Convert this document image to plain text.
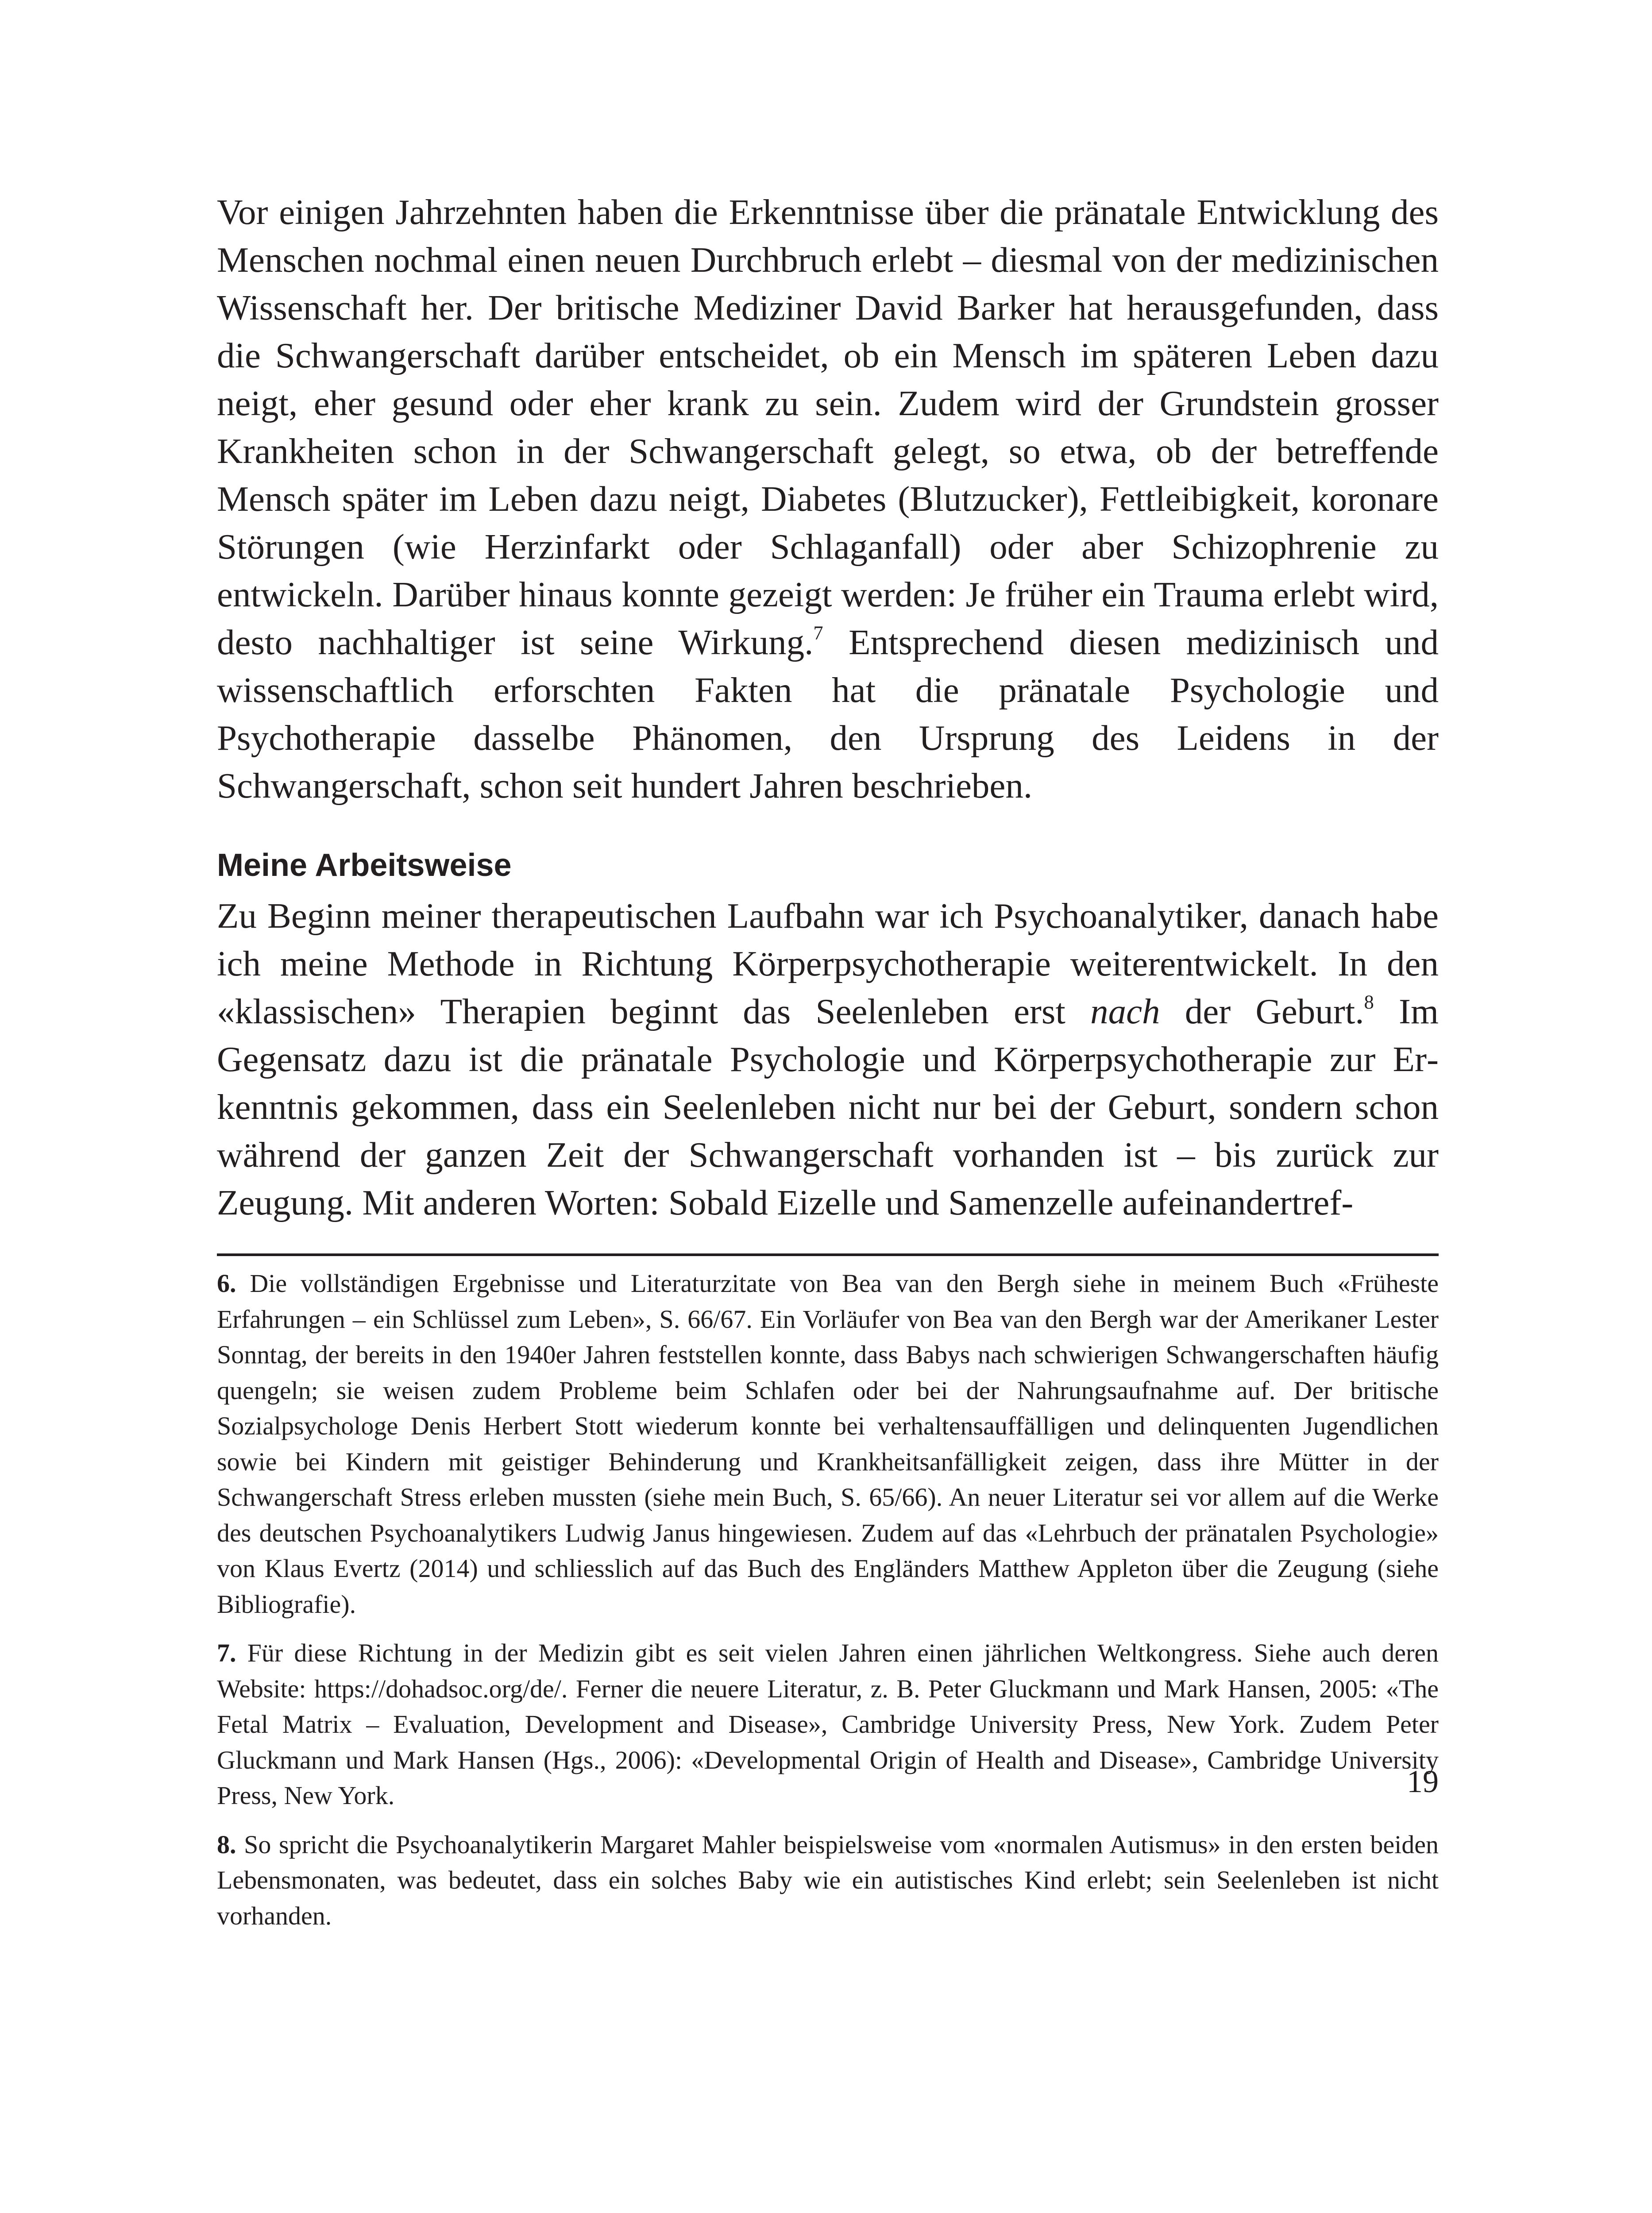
Vor einigen Jahrzehnten haben die Erkenntnisse über die pränatale Entwicklung des Menschen nochmal einen neuen Durchbruch erlebt – diesmal von der medizinischen Wissenschaft her. Der britische Mediziner David Barker hat herausgefunden, dass die Schwangerschaft darüber entscheidet, ob ein Mensch im späteren Leben dazu neigt, eher gesund oder eher krank zu sein. Zudem wird der Grundstein grosser Krankheiten schon in der Schwangerschaft gelegt, so etwa, ob der betreffende Mensch später im Leben dazu neigt, Diabetes (Blutzucker), Fettleibigkeit, koronare Störungen (wie Herzinfarkt oder Schlaganfall) oder aber Schizophrenie zu entwickeln. Darüber hinaus konnte gezeigt werden: Je früher ein Trauma erlebt wird, desto nachhaltiger ist seine Wirkung.$^7$ Entsprechend diesen medizinisch und wissenschaftlich erforschten Fakten hat die pränatale Psychologie und Psychotherapie dasselbe Phänomen, den Ursprung des Leidens in der Schwangerschaft, schon seit hundert Jahren beschrieben.

Meine Arbeitsweise

Zu Beginn meiner therapeutischen Laufbahn war ich Psychoanalytiker, danach habe ich meine Methode in Richtung Körperpsychotherapie weiterentwickelt. In den «klassischen» Therapien beginnt das Seelenleben erst nach der Geburt.$^8$ Im Gegensatz dazu ist die pränatale Psychologie und Körperpsychotherapie zur Erkenntnis gekommen, dass ein Seelenleben nicht nur bei der Geburt, sondern schon während der ganzen Zeit der Schwangerschaft vorhanden ist – bis zurück zur Zeugung. Mit anderen Worten: Sobald Eizelle und Samenzelle aufeinandertref-

6. Die vollständigen Ergebnisse und Literaturzitate von Bea van den Bergh siehe in meinem Buch «Früheste Erfahrungen – ein Schlüssel zum Leben», S. 66/67. Ein Vorläufer von Bea van den Bergh war der Amerikaner Lester Sonntag, der bereits in den 1940er Jahren feststellen konnte, dass Babys nach schwierigen Schwangerschaften häufig quengeln; sie weisen zudem Probleme beim Schlafen oder bei der Nahrungsaufnahme auf. Der britische Sozialpsychologe Denis Herbert Stott wiederum konnte bei verhaltensauffälligen und delinquenten Jugendlichen sowie bei Kindern mit geistiger Behinderung und Krankheitsanfälligkeit zeigen, dass ihre Mütter in der Schwangerschaft Stress erleben mussten (siehe mein Buch, S. 65/66). An neuer Literatur sei vor allem auf die Werke des deutschen Psychoanalytikers Ludwig Janus hingewiesen. Zudem auf das «Lehrbuch der pränatalen Psychologie» von Klaus Evertz (2014) und schliesslich auf das Buch des Engländers Matthew Appleton über die Zeugung (siehe Bibliografie).

7. Für diese Richtung in der Medizin gibt es seit vielen Jahren einen jährlichen Weltkongress. Siehe auch deren Website: https://dohadsoc.org/de/. Ferner die neuere Literatur, z. B. Peter Gluckmann und Mark Hansen, 2005: «The Fetal Matrix – Evaluation, Development and Disease», Cambridge University Press, New York. Zudem Peter Gluckmann und Mark Hansen (Hgs., 2006): «Developmental Origin of Health and Disease», Cambridge University Press, New York.

8. So spricht die Psychoanalytikerin Margaret Mahler beispielsweise vom «normalen Autismus» in den ersten beiden Lebensmonaten, was bedeutet, dass ein solches Baby wie ein autistisches Kind erlebt; sein Seelenleben ist nicht vorhanden.

19
